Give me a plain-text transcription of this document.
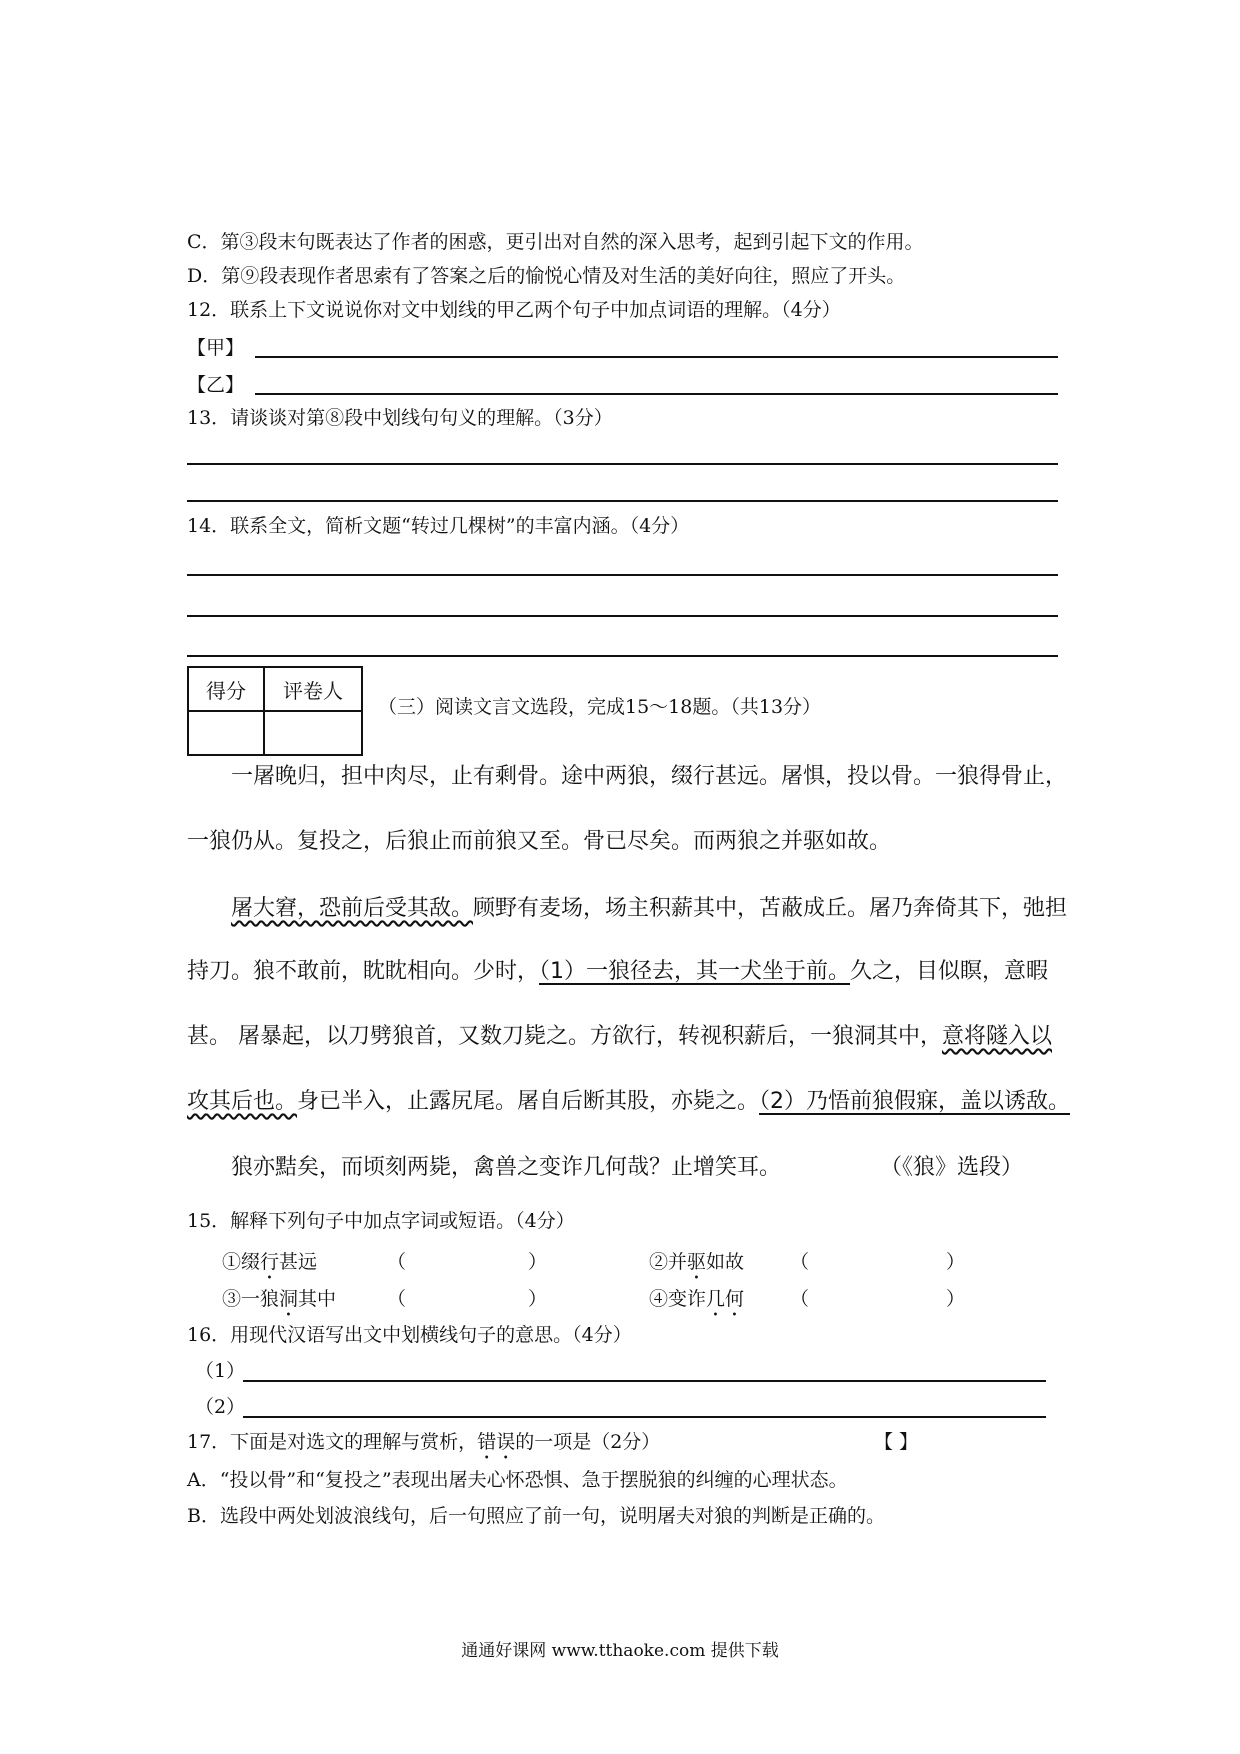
C．第③段末句既表达了作者的困惑，更引出对自然的深入思考，起到引起下文的作用。
D．第⑨段表现作者思索有了答案之后的愉悦心情及对生活的美好向往，照应了开头。
12．联系上下文说说你对文中划线的甲乙两个句子中加点词语的理解。（4分）
【甲】
【乙】
13．请谈谈对第⑧段中划线句句义的理解。（3分）
14．联系全文，简析文题“转过几棵树”的丰富内涵。（4分）
得分	评卷人

（三）阅读文言文选段，完成15～18题。（共13分）
一屠晚归，担中肉尽，止有剩骨。途中两狼，缀行甚远。屠惧，投以骨。一狼得骨止，
一狼仍从。复投之，后狼止而前狼又至。骨已尽矣。而两狼之并驱如故。
屠大窘，恐前后受其敌。顾野有麦场，场主积薪其中，苫蔽成丘。屠乃奔倚其下，弛担
持刀。狼不敢前，眈眈相向。少时，（1）一狼径去，其一犬坐于前。久之，目似瞑，意暇
甚。 屠暴起，以刀劈狼首，又数刀毙之。方欲行，转视积薪后，一狼洞其中，意将隧入以
攻其后也。身已半入，止露尻尾。屠自后断其股，亦毙之。（2）乃悟前狼假寐，盖以诱敌。
狼亦黠矣，而顷刻两毙，禽兽之变诈几何哉？止增笑耳。	（《狼》选段）
15．解释下列句子中加点字词或短语。（4分）
①缀行甚远	（	）	②并驱如故 （	）
③一狼洞其中	（	）	④变诈几何 （	）
16．用现代汉语写出文中划横线句子的意思。（4分）
（1）
（2）
17．下面是对选文的理解与赏析，错误的一项是（2分）	【 】
A．“投以骨”和“复投之”表现出屠夫心怀恐惧、急于摆脱狼的纠缠的心理状态。
B．选段中两处划波浪线句，后一句照应了前一句，说明屠夫对狼的判断是正确的。
通通好课网 www.tthaoke.com 提供下载
